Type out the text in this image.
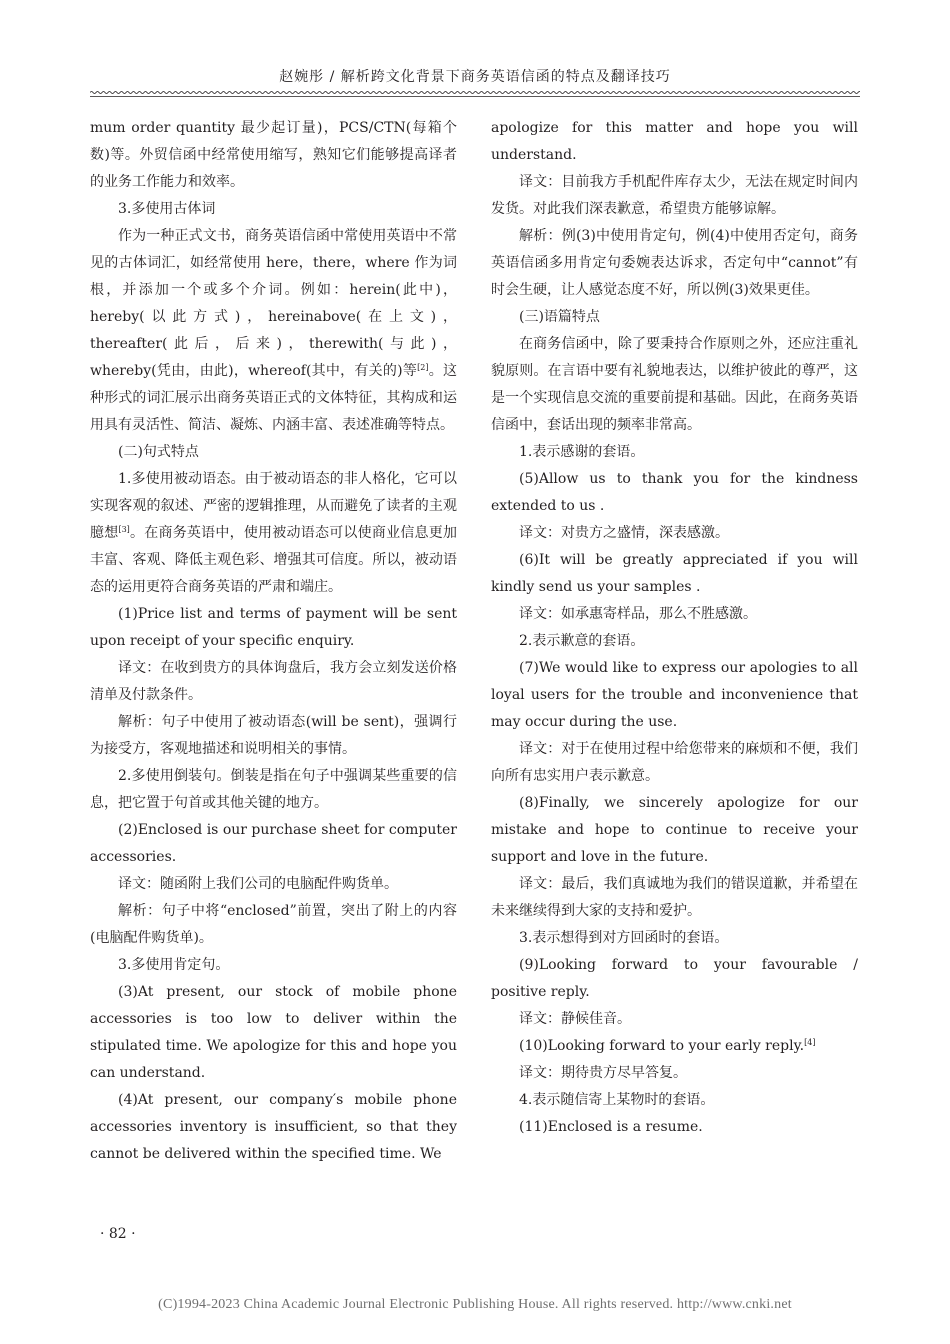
赵婉彤 / 解析跨文化背景下商务英语信函的特点及翻译技巧

mum order quantity 最少起订量)，PCS/CTN(每箱个数)等。外贸信函中经常使用缩写，熟知它们能够提高译者的业务工作能力和效率。

3.多使用古体词

作为一种正式文书，商务英语信函中常使用英语中不常见的古体词汇，如经常使用 here，there，where 作为词根，并添加一个或多个介词。例如：herein(此中)，hereby(以此方式)，hereinabove(在上文)，thereafter(此后，后来)，therewith(与此)，whereby(凭由，由此)，whereof(其中，有关的)等[2]。这种形式的词汇展示出商务英语正式的文体特征，其构成和运用具有灵活性、简洁、凝炼、内涵丰富、表述准确等特点。

(二)句式特点

1.多使用被动语态。由于被动语态的非人格化，它可以实现客观的叙述、严密的逻辑推理，从而避免了读者的主观臆想[3]。在商务英语中，使用被动语态可以使商业信息更加丰富、客观、降低主观色彩、增强其可信度。所以，被动语态的运用更符合商务英语的严肃和端庄。

(1)Price list and terms of payment will be sent upon receipt of your specific enquiry.

译文：在收到贵方的具体询盘后，我方会立刻发送价格清单及付款条件。

解析：句子中使用了被动语态(will be sent)，强调行为接受方，客观地描述和说明相关的事情。

2.多使用倒装句。倒装是指在句子中强调某些重要的信息，把它置于句首或其他关键的地方。

(2)Enclosed is our purchase sheet for computer accessories.

译文：随函附上我们公司的电脑配件购货单。

解析：句子中将“enclosed”前置，突出了附上的内容(电脑配件购货单)。

3.多使用肯定句。

(3)At present, our stock of mobile phone accessories is too low to deliver within the stipulated time. We apologize for this and hope you can understand.

(4)At present, our company′s mobile phone accessories inventory is insufficient, so that they cannot be delivered within the specified time. We

apologize for this matter and hope you will understand.

译文：目前我方手机配件库存太少，无法在规定时间内发货。对此我们深表歉意，希望贵方能够谅解。

解析：例(3)中使用肯定句，例(4)中使用否定句，商务英语信函多用肯定句委婉表达诉求，否定句中“cannot”有时会生硬，让人感觉态度不好，所以例(3)效果更佳。

(三)语篇特点

在商务信函中，除了要秉持合作原则之外，还应注重礼貌原则。在言语中要有礼貌地表达，以维护彼此的尊严，这是一个实现信息交流的重要前提和基础。因此，在商务英语信函中，套话出现的频率非常高。

1.表示感谢的套语。

(5)Allow us to thank you for the kindness extended to us .

译文：对贵方之盛情，深表感激。

(6)It will be greatly appreciated if you will kindly send us your samples .

译文：如承惠寄样品，那么不胜感激。

2.表示歉意的套语。

(7)We would like to express our apologies to all loyal users for the trouble and inconvenience that may occur during the use.

译文：对于在使用过程中给您带来的麻烦和不便，我们向所有忠实用户表示歉意。

(8)Finally, we sincerely apologize for our mistake and hope to continue to receive your support and love in the future.

译文：最后，我们真诚地为我们的错误道歉，并希望在未来继续得到大家的支持和爱护。

3.表示想得到对方回函时的套语。

(9)Looking forward to your favourable / positive reply.

译文：静候佳音。

(10)Looking forward to your early reply.[4]

译文：期待贵方尽早答复。

4.表示随信寄上某物时的套语。

(11)Enclosed is a resume.

· 82 ·
(C)1994-2023 China Academic Journal Electronic Publishing House. All rights reserved. http://www.cnki.net
